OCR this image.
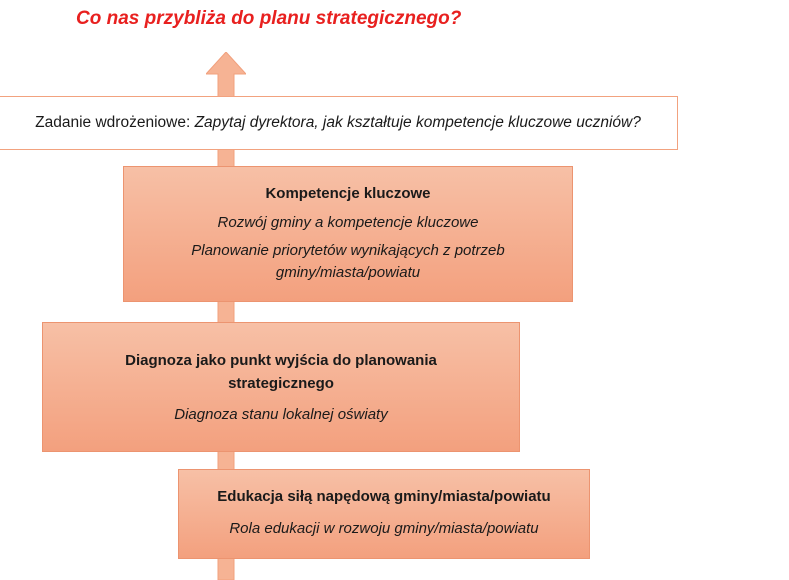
Co nas przybliża do planu strategicznego?
Zadanie wdrożeniowe: Zapytaj dyrektora, jak kształtuje kompetencje kluczowe uczniów?
Kompetencje kluczowe
Rozwój gminy a kompetencje kluczowe
Planowanie priorytetów wynikających z potrzeb gminy/miasta/powiatu
Diagnoza jako punkt wyjścia do planowania strategicznego
Diagnoza stanu lokalnej oświaty
Edukacja siłą napędową gminy/miasta/powiatu
Rola edukacji w rozwoju gminy/miasta/powiatu
